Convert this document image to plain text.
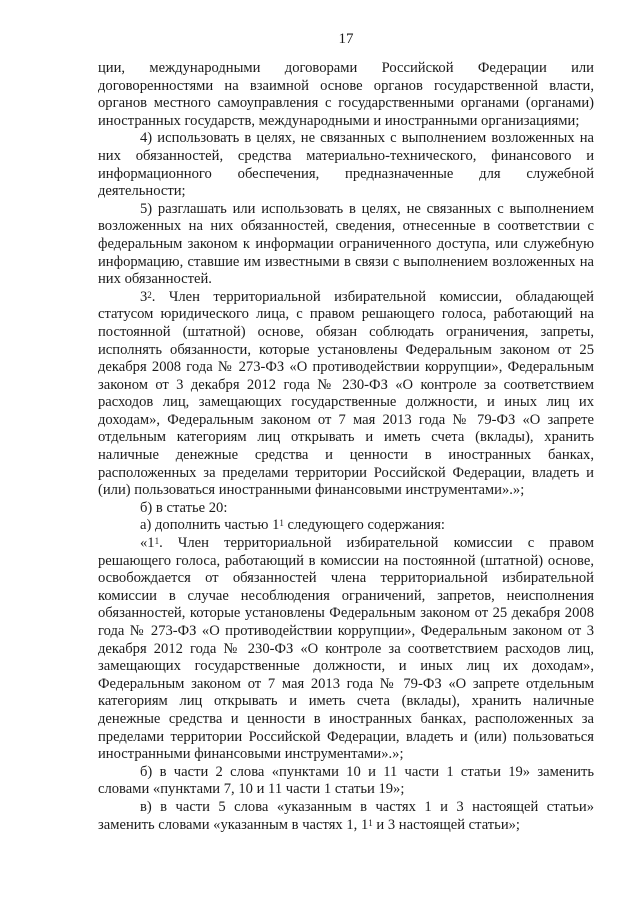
17

ции, международными договорами Российской Федерации или договоренностями на взаимной основе органов государственной власти, органов местного самоуправления с государственными органами (органами) иностранных государств, международными и иностранными организациями;

4) использовать в целях, не связанных с выполнением возложенных на них обязанностей, средства материально-технического, финансового и информационного обеспечения, предназначенные для служебной деятельности;

5) разглашать или использовать в целях, не связанных с выполнением возложенных на них обязанностей, сведения, отнесенные в соответствии с федеральным законом к информации ограниченного доступа, или служебную информацию, ставшие им известными в связи с выполнением возложенных на них обязанностей.

$3^2$. Член территориальной избирательной комиссии, обладающей статусом юридического лица, с правом решающего голоса, работающий на постоянной (штатной) основе, обязан соблюдать ограничения, запреты, исполнять обязанности, которые установлены Федеральным законом от 25 декабря 2008 года № 273-ФЗ «О противодействии коррупции», Федеральным законом от 3 декабря 2012 года № 230-ФЗ «О контроле за соответствием расходов лиц, замещающих государственные должности, и иных лиц их доходам», Федеральным законом от 7 мая 2013 года № 79-ФЗ «О запрете отдельным категориям лиц открывать и иметь счета (вклады), хранить наличные денежные средства и ценности в иностранных банках, расположенных за пределами территории Российской Федерации, владеть и (или) пользоваться иностранными финансовыми инструментами».»;

б) в статье 20:

а) дополнить частью $1^1$ следующего содержания:

«$1^1$. Член территориальной избирательной комиссии с правом решающего голоса, работающий в комиссии на постоянной (штатной) основе, освобождается от обязанностей члена территориальной избирательной комиссии в случае несоблюдения ограничений, запретов, неисполнения обязанностей, которые установлены Федеральным законом от 25 декабря 2008 года № 273-ФЗ «О противодействии коррупции», Федеральным законом от 3 декабря 2012 года № 230-ФЗ «О контроле за соответствием расходов лиц, замещающих государственные должности, и иных лиц их доходам», Федеральным законом от 7 мая 2013 года № 79-ФЗ «О запрете отдельным категориям лиц открывать и иметь счета (вклады), хранить наличные денежные средства и ценности в иностранных банках, расположенных за пределами территории Российской Федерации, владеть и (или) пользоваться иностранными финансовыми инструментами».»;

б) в части 2 слова «пунктами 10 и 11 части 1 статьи 19» заменить словами «пунктами 7, 10 и 11 части 1 статьи 19»;

в) в части 5 слова «указанным в частях 1 и 3 настоящей статьи» заменить словами «указанным в частях 1, $1^1$ и 3 настоящей статьи»;
